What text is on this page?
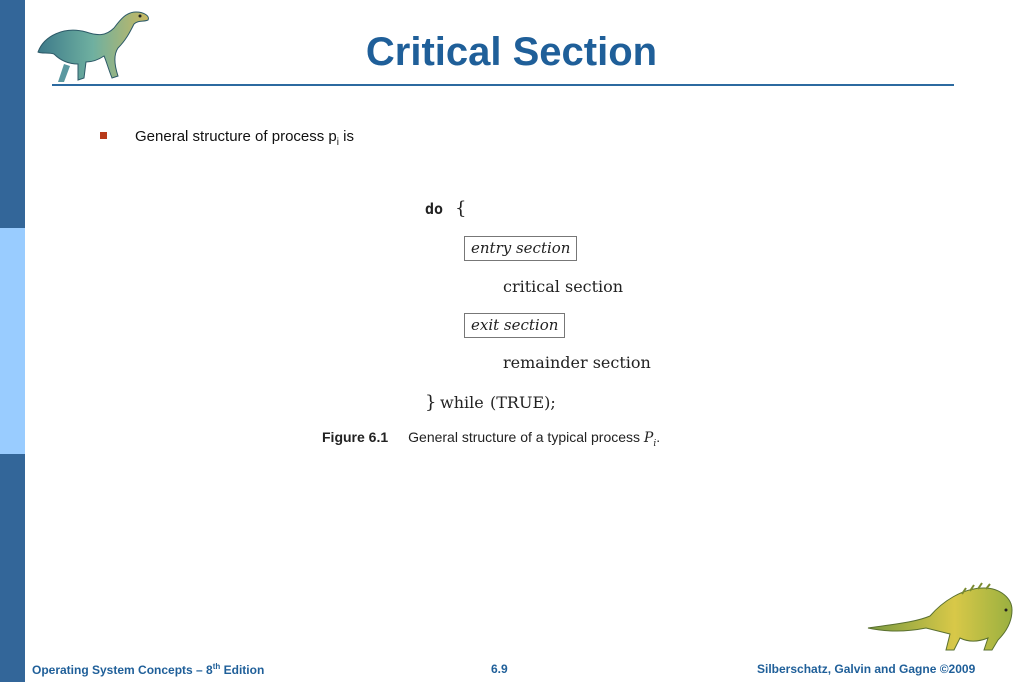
Critical Section
General structure of process $p_i$ is
do {
entry section
critical section
exit section
remainder section
} while (TRUE);
Figure 6.1 General structure of a typical process $P_i$.
Operating System Concepts – 8th Edition	6.9	Silberschatz, Galvin and Gagne ©2009
